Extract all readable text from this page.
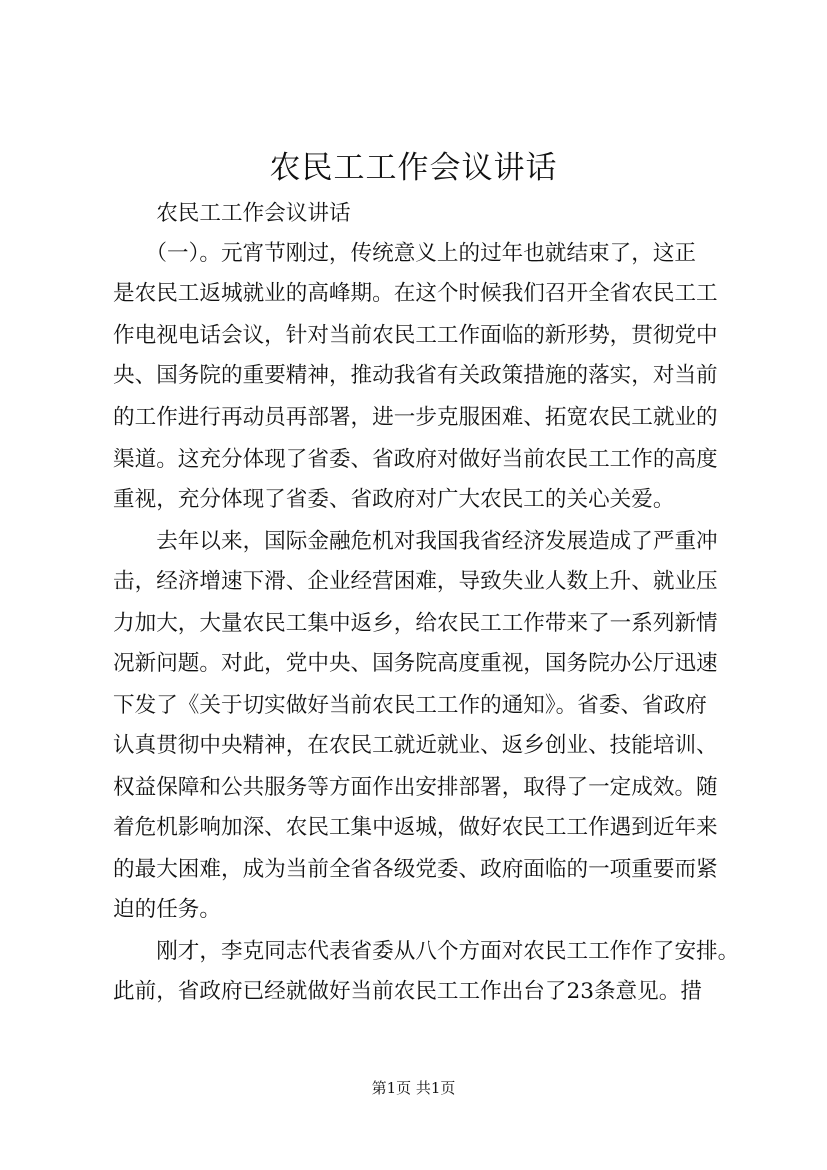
农民工工作会议讲话
　　农民工工作会议讲话
　　（一）。元宵节刚过，传统意义上的过年也就结束了，这正
是农民工返城就业的高峰期。在这个时候我们召开全省农民工工
作电视电话会议，针对当前农民工工作面临的新形势，贯彻党中
央、国务院的重要精神，推动我省有关政策措施的落实，对当前
的工作进行再动员再部署，进一步克服困难、拓宽农民工就业的
渠道。这充分体现了省委、省政府对做好当前农民工工作的高度
重视，充分体现了省委、省政府对广大农民工的关心关爱。
　　去年以来，国际金融危机对我国我省经济发展造成了严重冲
击，经济增速下滑、企业经营困难，导致失业人数上升、就业压
力加大，大量农民工集中返乡，给农民工工作带来了一系列新情
况新问题。对此，党中央、国务院高度重视，国务院办公厅迅速
下发了《关于切实做好当前农民工工作的通知》。省委、省政府
认真贯彻中央精神，在农民工就近就业、返乡创业、技能培训、
权益保障和公共服务等方面作出安排部署，取得了一定成效。随
着危机影响加深、农民工集中返城，做好农民工工作遇到近年来
的最大困难，成为当前全省各级党委、政府面临的一项重要而紧
迫的任务。
　　刚才，李克同志代表省委从八个方面对农民工工作作了安排。
此前，省政府已经就做好当前农民工工作出台了23条意见。措
第1页 共1页
